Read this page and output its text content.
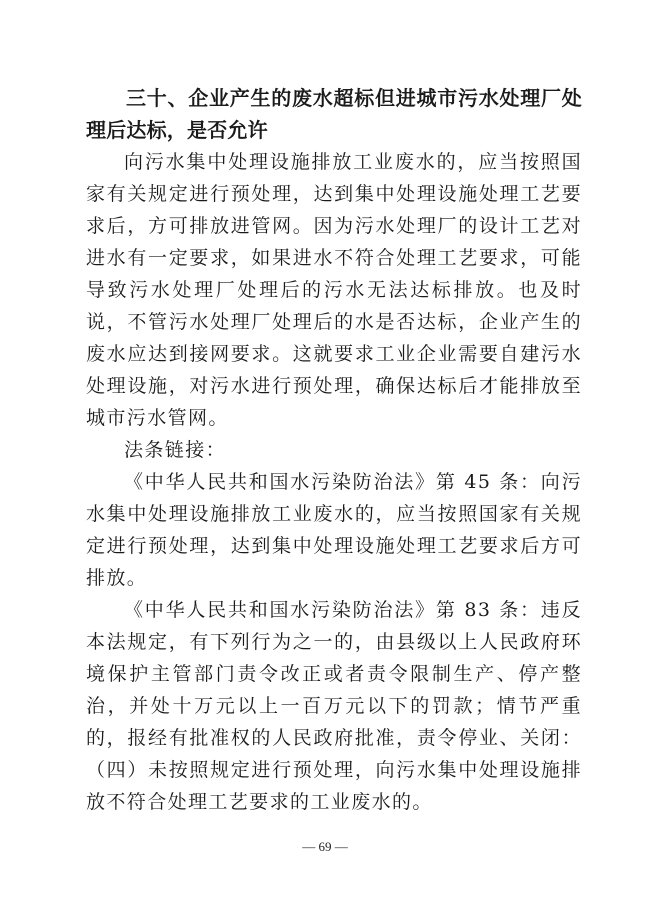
三十、企业产生的废水超标但进城市污水处理厂处理后达标，是否允许

向污水集中处理设施排放工业废水的，应当按照国家有关规定进行预处理，达到集中处理设施处理工艺要求后，方可排放进管网。因为污水处理厂的设计工艺对进水有一定要求，如果进水不符合处理工艺要求，可能导致污水处理厂处理后的污水无法达标排放。也及时说，不管污水处理厂处理后的水是否达标，企业产生的废水应达到接网要求。这就要求工业企业需要自建污水处理设施，对污水进行预处理，确保达标后才能排放至城市污水管网。

法条链接：

《中华人民共和国水污染防治法》第 45 条：向污水集中处理设施排放工业废水的，应当按照国家有关规定进行预处理，达到集中处理设施处理工艺要求后方可排放。

《中华人民共和国水污染防治法》第 83 条：违反本法规定，有下列行为之一的，由县级以上人民政府环境保护主管部门责令改正或者责令限制生产、停产整治，并处十万元以上一百万元以下的罚款；情节严重的，报经有批准权的人民政府批准，责令停业、关闭：（四）未按照规定进行预处理，向污水集中处理设施排放不符合处理工艺要求的工业废水的。

— 69 —
